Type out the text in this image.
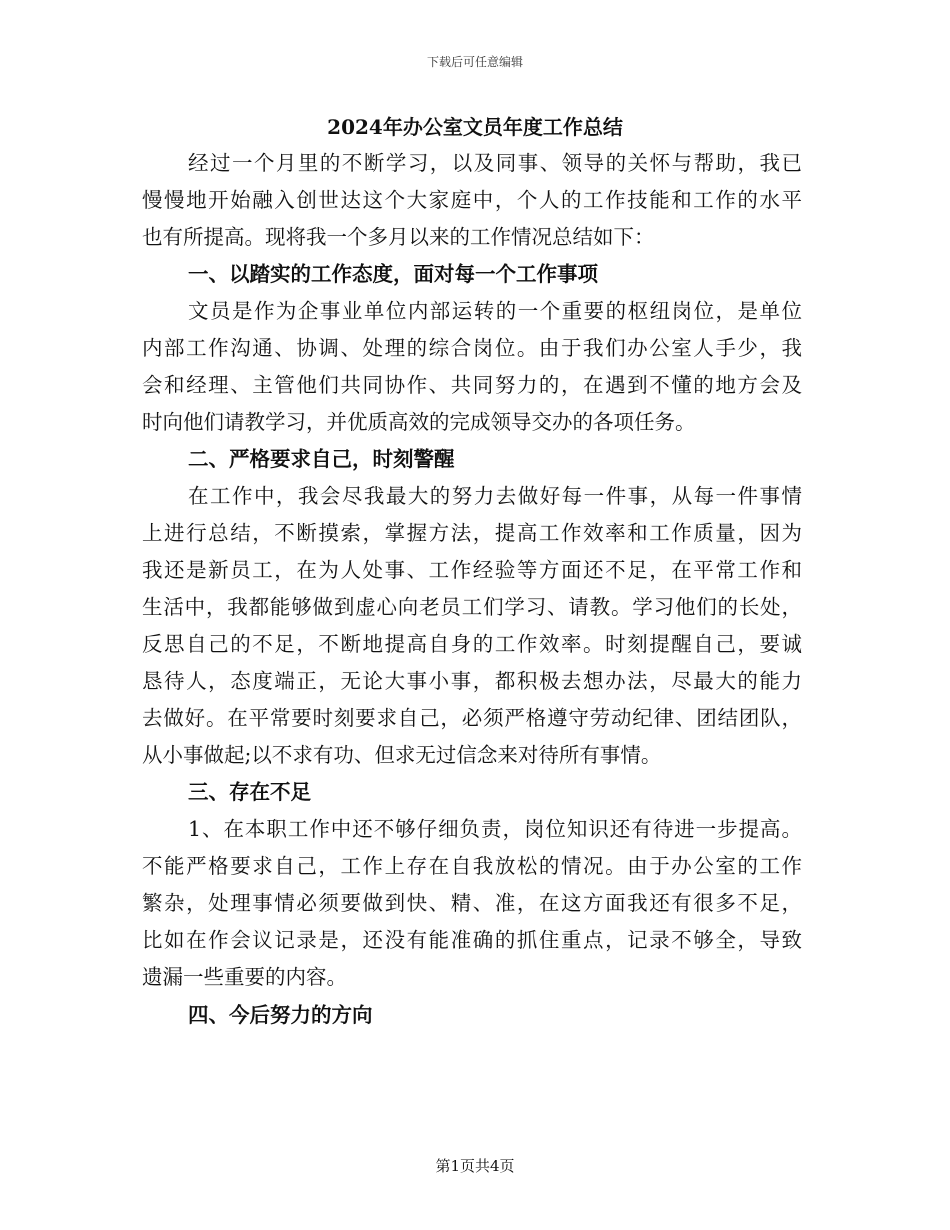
下载后可任意编辑
2024年办公室文员年度工作总结
经过一个月里的不断学习，以及同事、领导的关怀与帮助，我已
慢慢地开始融入创世达这个大家庭中，个人的工作技能和工作的水平
也有所提高。现将我一个多月以来的工作情况总结如下：
一、以踏实的工作态度，面对每一个工作事项
文员是作为企事业单位内部运转的一个重要的枢纽岗位，是单位
内部工作沟通、协调、处理的综合岗位。由于我们办公室人手少，我
会和经理、主管他们共同协作、共同努力的，在遇到不懂的地方会及
时向他们请教学习，并优质高效的完成领导交办的各项任务。
二、严格要求自己，时刻警醒
在工作中，我会尽我最大的努力去做好每一件事，从每一件事情
上进行总结，不断摸索，掌握方法，提高工作效率和工作质量，因为
我还是新员工，在为人处事、工作经验等方面还不足，在平常工作和
生活中，我都能够做到虚心向老员工们学习、请教。学习他们的长处，
反思自己的不足，不断地提高自身的工作效率。时刻提醒自己，要诚
恳待人，态度端正，无论大事小事，都积极去想办法，尽最大的能力
去做好。在平常要时刻要求自己，必须严格遵守劳动纪律、团结团队，
从小事做起;以不求有功、但求无过信念来对待所有事情。
三、存在不足
1、在本职工作中还不够仔细负责，岗位知识还有待进一步提高。
不能严格要求自己，工作上存在自我放松的情况。由于办公室的工作
繁杂，处理事情必须要做到快、精、准，在这方面我还有很多不足，
比如在作会议记录是，还没有能准确的抓住重点，记录不够全，导致
遗漏一些重要的内容。
四、今后努力的方向
第1页共4页
